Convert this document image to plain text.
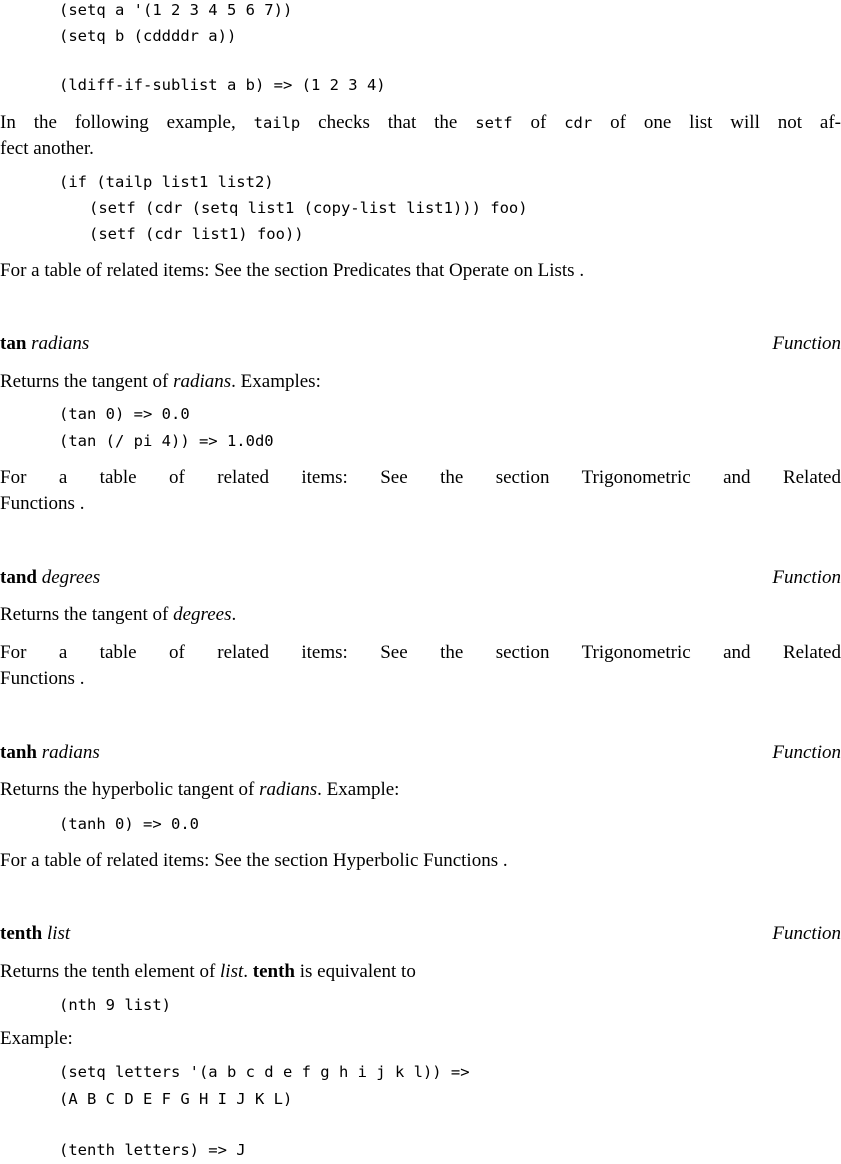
(setq a '(1 2 3 4 5 6 7))
(setq b (cddddr a))
(ldiff-if-sublist a b) => (1 2 3 4)
In the following example, tailp checks that the setf of cdr of one list will not af-
fect another.
(if (tailp list1 list2)
(setf (cdr (setq list1 (copy-list list1))) foo)
(setf (cdr list1) foo))
For a table of related items: See the section Predicates that Operate on Lists .
tan radians	Function
Returns the tangent of radians. Examples:
(tan 0) => 0.0
(tan (/ pi 4)) => 1.0d0
For a table of related items: See the section Trigonometric and Related
Functions .
tand degrees	Function
Returns the tangent of degrees.
For a table of related items: See the section Trigonometric and Related
Functions .
tanh radians	Function
Returns the hyperbolic tangent of radians. Example:
(tanh 0) => 0.0
For a table of related items: See the section Hyperbolic Functions .
tenth list	Function
Returns the tenth element of list. tenth is equivalent to
(nth 9 list)
Example:
(setq letters '(a b c d e f g h i j k l)) =>
(A B C D E F G H I J K L)
(tenth letters) => J
